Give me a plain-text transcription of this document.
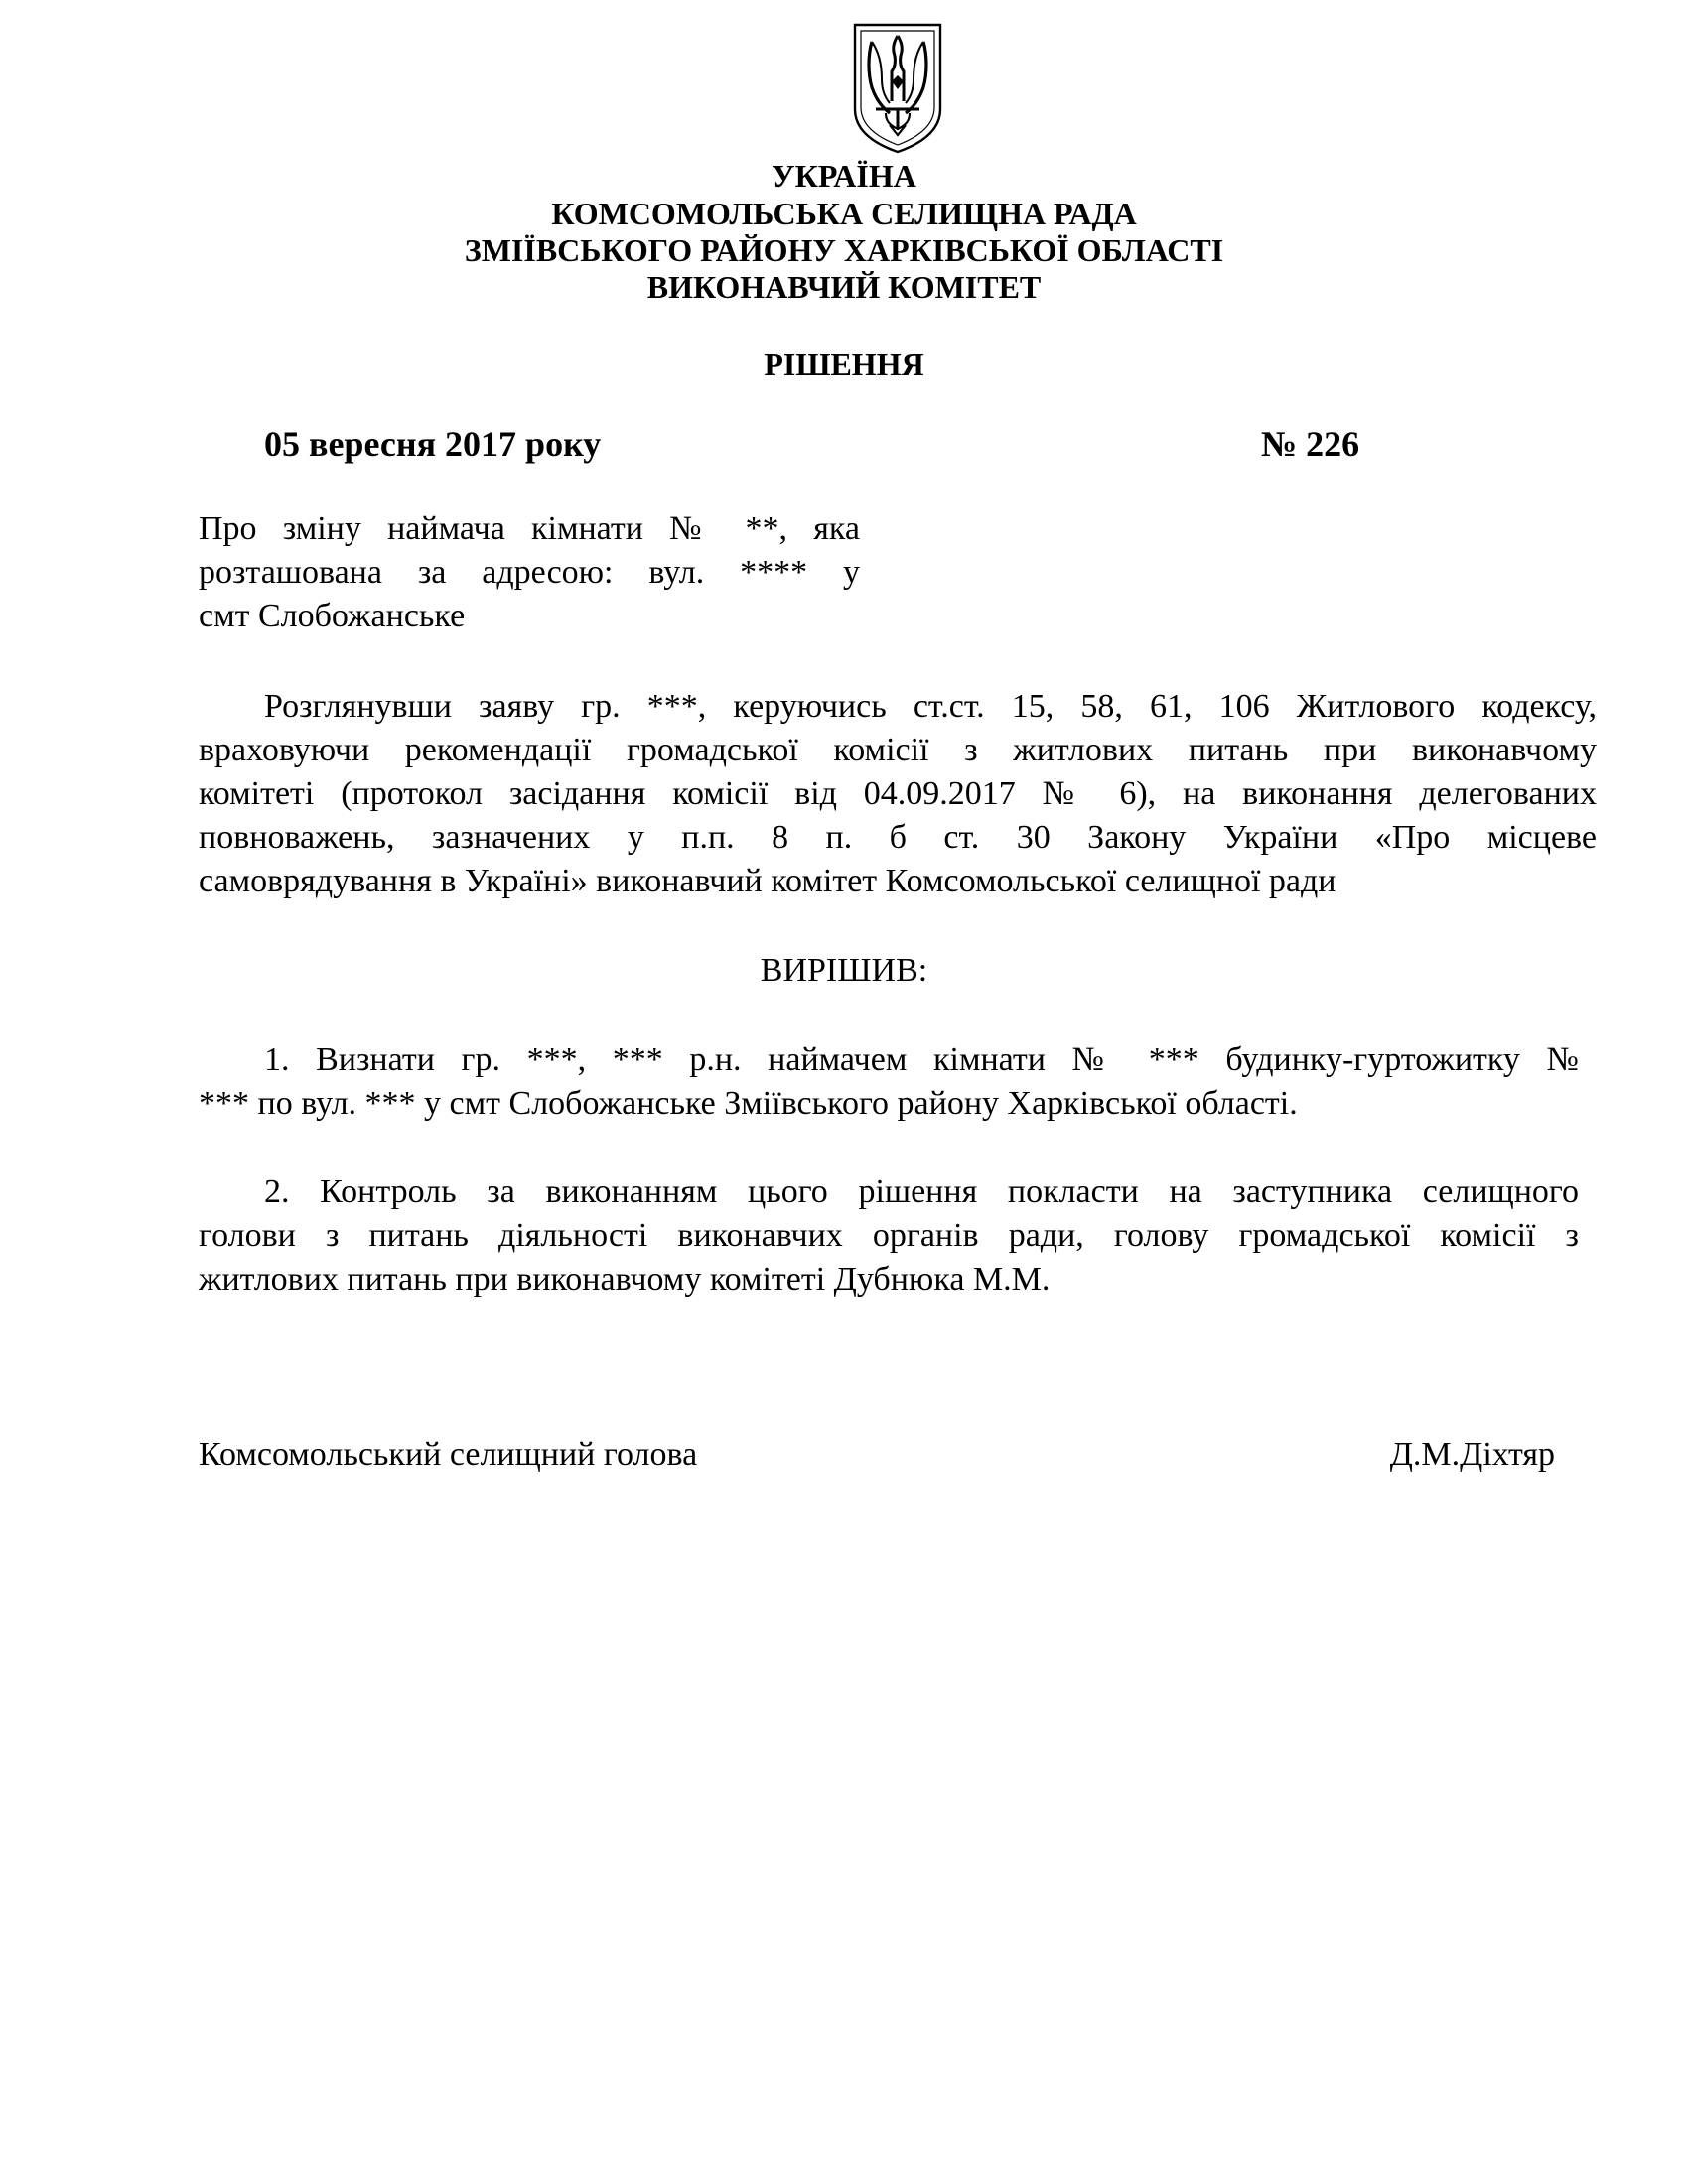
УКРАЇНА
КОМСОМОЛЬСЬКА СЕЛИЩНА РАДА
ЗМІЇВСЬКОГО РАЙОНУ ХАРКІВСЬКОЇ ОБЛАСТІ
ВИКОНАВЧИЙ КОМІТЕТ
РІШЕННЯ
05 вересня 2017 року	№ 226
Про зміну наймача кімнати № **, яка
розташована за адресою: вул. **** у
смт Слобожанське
Розглянувши заяву гр. ***, керуючись ст.ст. 15, 58, 61, 106 Житлового кодексу,
враховуючи рекомендації громадської комісії з житлових питань при виконавчому
комітеті (протокол засідання комісії від 04.09.2017 № 6), на виконання делегованих
повноважень, зазначених у п.п. 8 п. б ст. 30 Закону України «Про місцеве
самоврядування в Україні» виконавчий комітет Комсомольської селищної ради
ВИРІШИВ:
1. Визнати гр. ***, *** р.н. наймачем кімнати № *** будинку-гуртожитку №
*** по вул. *** у смт Слобожанське Зміївського району Харківської області.
2. Контроль за виконанням цього рішення покласти на заступника селищного
голови з питань діяльності виконавчих органів ради, голову громадської комісії з
житлових питань при виконавчому комітеті Дубнюка М.М.
Комсомольський селищний голова	Д.М.Діхтяр
